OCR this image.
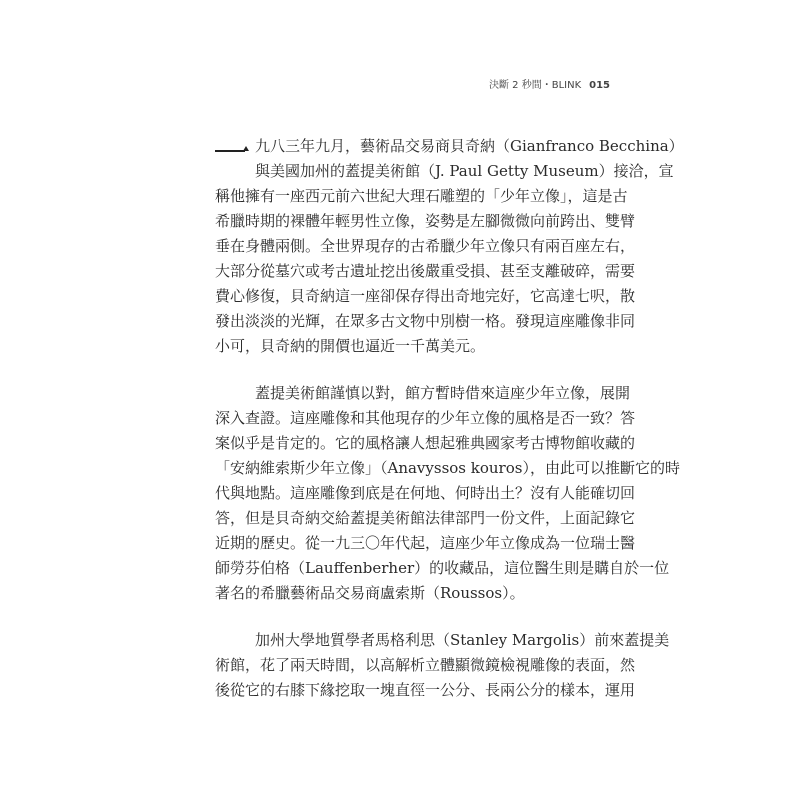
決斷 2 秒間・BLINK 015
九八三年九月，藝術品交易商貝奇納（Gianfranco Becchina）
與美國加州的蓋提美術館（J. Paul Getty Museum）接洽，宣
稱他擁有一座西元前六世紀大理石雕塑的「少年立像」，這是古
希臘時期的裸體年輕男性立像，姿勢是左腳微微向前跨出、雙臂
垂在身體兩側。全世界現存的古希臘少年立像只有兩百座左右，
大部分從墓穴或考古遺址挖出後嚴重受損、甚至支離破碎，需要
費心修復，貝奇納這一座卻保存得出奇地完好，它高達七呎，散
發出淡淡的光輝，在眾多古文物中別樹一格。發現這座雕像非同
小可，貝奇納的開價也逼近一千萬美元。
蓋提美術館謹慎以對，館方暫時借來這座少年立像，展開
深入查證。這座雕像和其他現存的少年立像的風格是否一致？答
案似乎是肯定的。它的風格讓人想起雅典國家考古博物館收藏的
「安納維索斯少年立像」（Anavyssos kouros），由此可以推斷它的時
代與地點。這座雕像到底是在何地、何時出土？沒有人能確切回
答，但是貝奇納交給蓋提美術館法律部門一份文件，上面記錄它
近期的歷史。從一九三〇年代起，這座少年立像成為一位瑞士醫
師勞芬伯格（Lauffenberher）的收藏品，這位醫生則是購自於一位
著名的希臘藝術品交易商盧索斯（Roussos）。
加州大學地質學者馬格利思（Stanley Margolis）前來蓋提美
術館，花了兩天時間，以高解析立體顯微鏡檢視雕像的表面，然
後從它的右膝下緣挖取一塊直徑一公分、長兩公分的樣本，運用
